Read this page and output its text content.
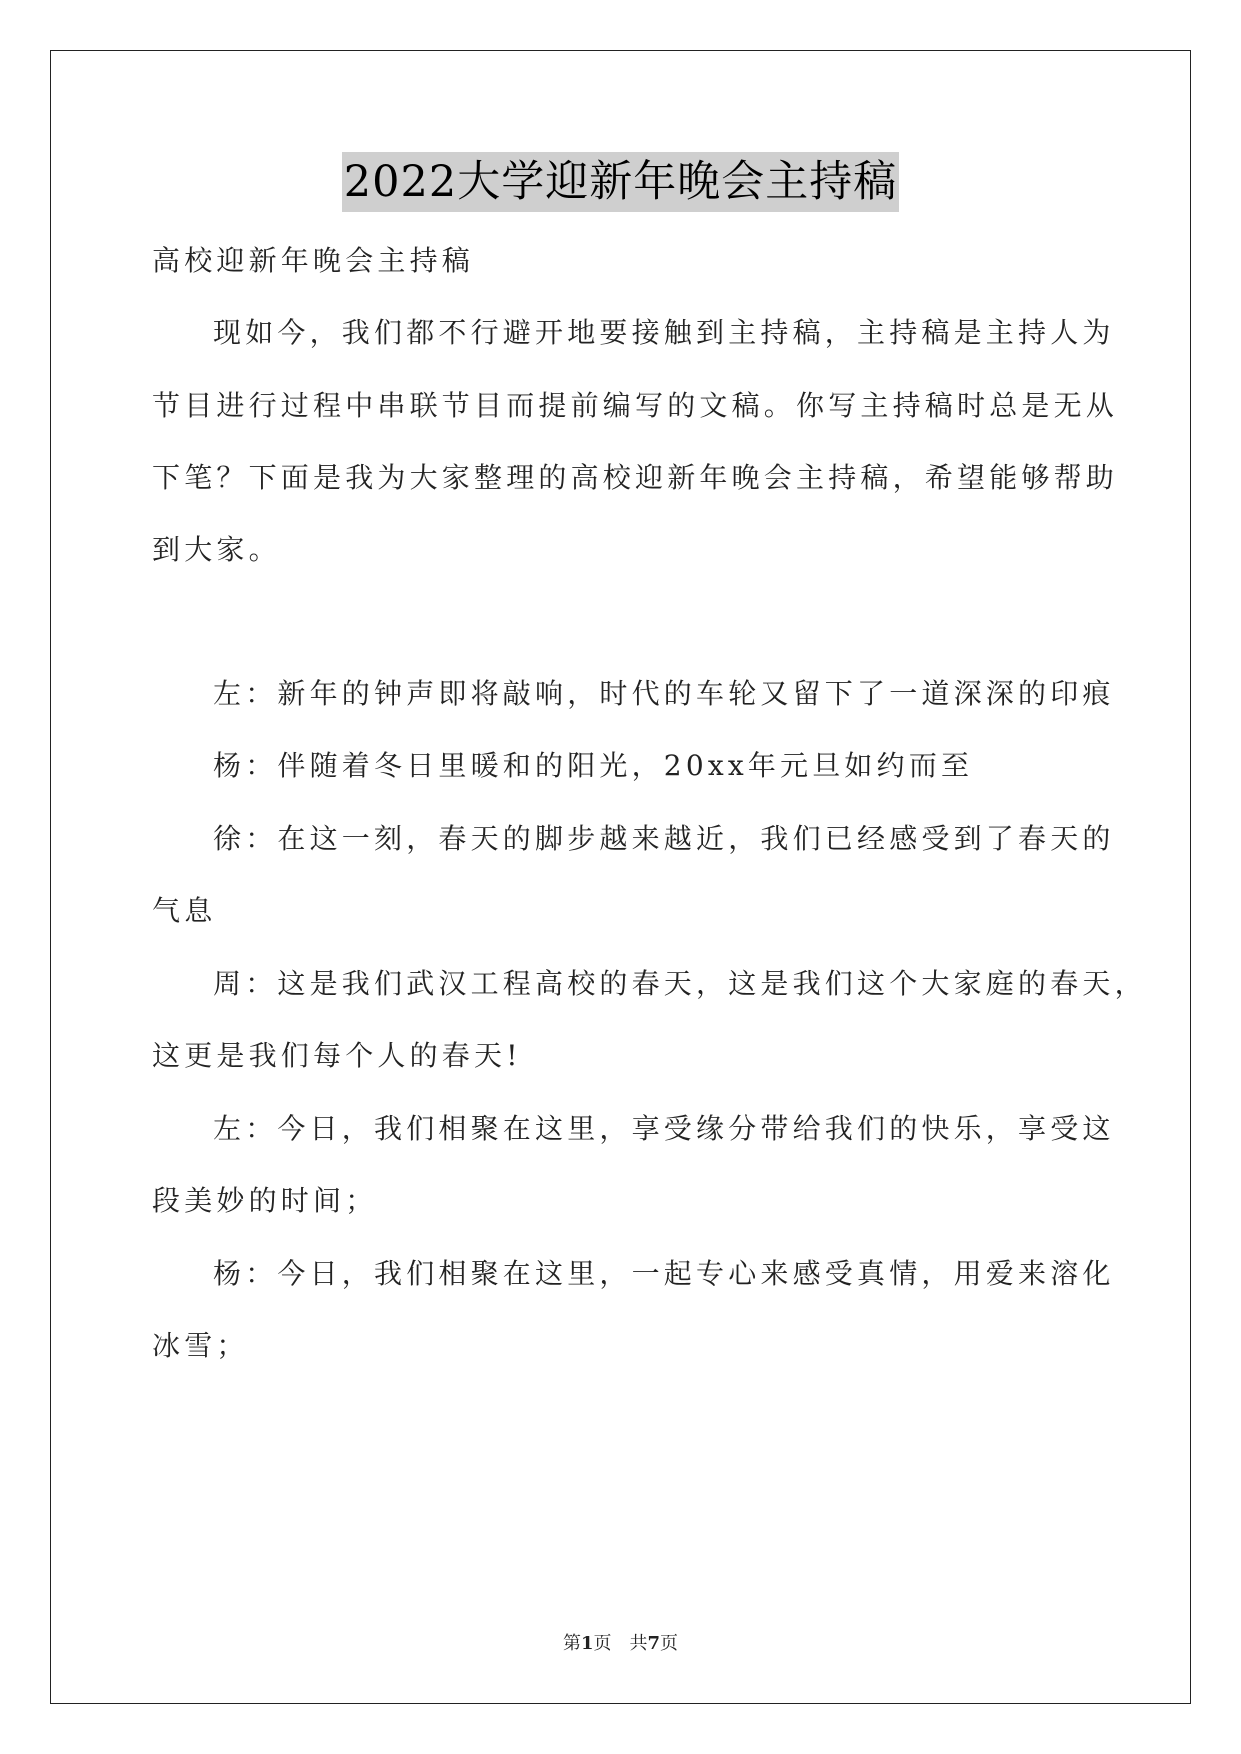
2022大学迎新年晚会主持稿
高校迎新年晚会主持稿
现如今，我们都不行避开地要接触到主持稿，主持稿是主持人为
节目进行过程中串联节目而提前编写的文稿。你写主持稿时总是无从
下笔？下面是我为大家整理的高校迎新年晚会主持稿，希望能够帮助
到大家。
左：新年的钟声即将敲响，时代的车轮又留下了一道深深的印痕
杨：伴随着冬日里暖和的阳光，20xx年元旦如约而至
徐：在这一刻，春天的脚步越来越近，我们已经感受到了春天的
气息
周：这是我们武汉工程高校的春天，这是我们这个大家庭的春天，
这更是我们每个人的春天!
左：今日，我们相聚在这里，享受缘分带给我们的快乐，享受这
段美妙的时间；
杨：今日，我们相聚在这里，一起专心来感受真情，用爱来溶化
冰雪；
第1页 共7页
